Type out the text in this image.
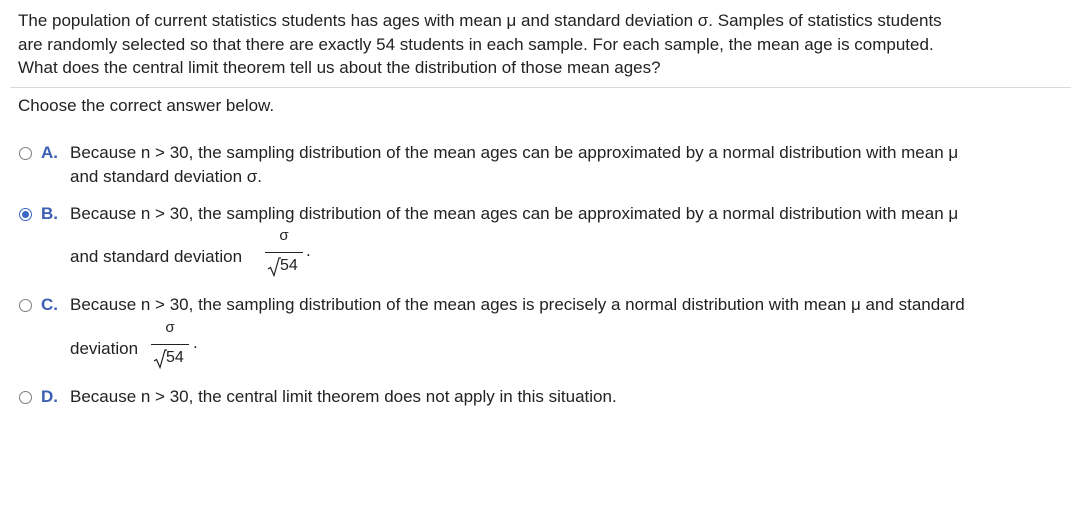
The population of current statistics students has ages with mean μ and standard deviation σ. Samples of statistics students
are randomly selected so that there are exactly 54 students in each sample. For each sample, the mean age is computed.
What does the central limit theorem tell us about the distribution of those mean ages?
Choose the correct answer below.
A. Because n > 30, the sampling distribution of the mean ages can be approximated by a normal distribution with mean μ
and standard deviation σ.
B. Because n > 30, the sampling distribution of the mean ages can be approximated by a normal distribution with mean μ
and standard deviation
σ
54
.
C. Because n > 30, the sampling distribution of the mean ages is precisely a normal distribution with mean μ and standard
deviation
σ
54
.
D. Because n > 30, the central limit theorem does not apply in this situation.
